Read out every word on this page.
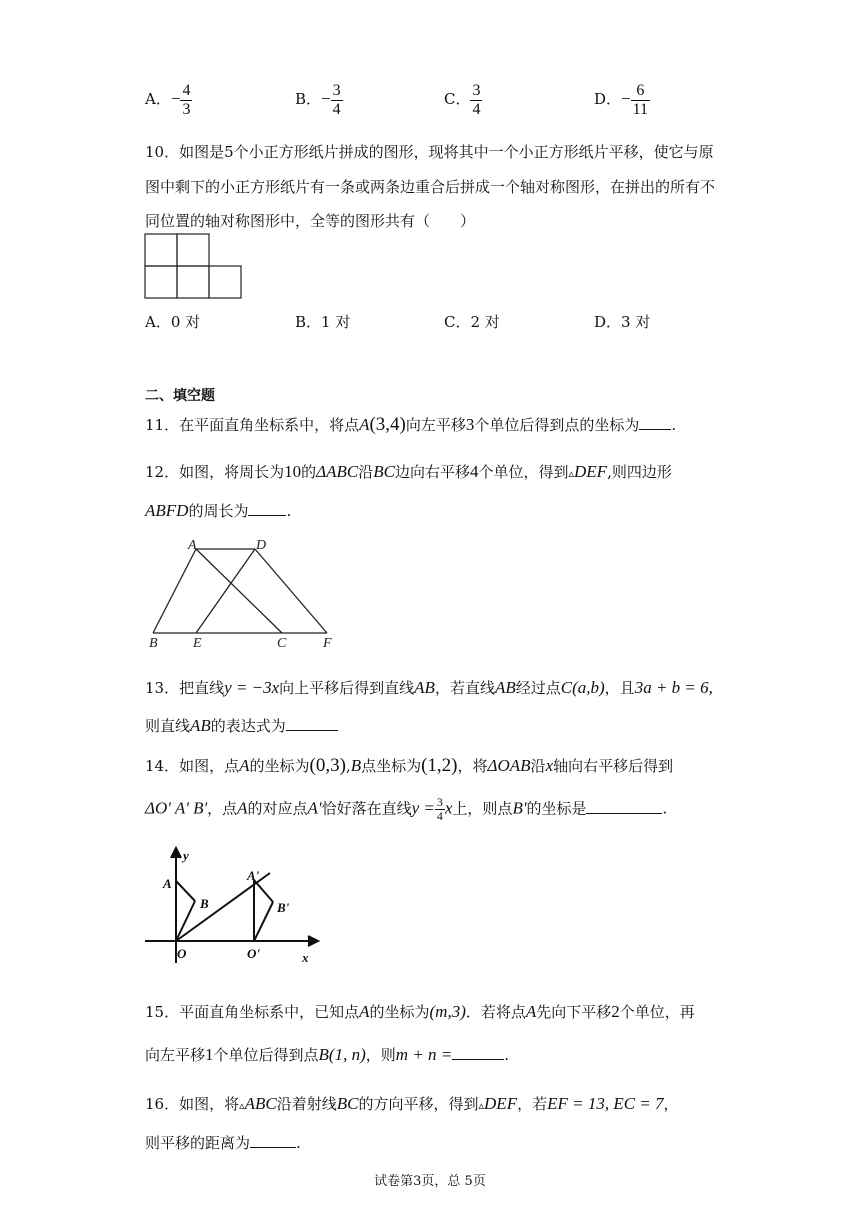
A．− $\frac{4}{3}$	B．− $\frac{3}{4}$	C． $\frac{3}{4}$	D．− $\frac{6}{11}$
10．如图是5个小正方形纸片拼成的图形，现将其中一个小正方形纸片平移，使它与原
图中剩下的小正方形纸片有一条或两条边重合后拼成一个轴对称图形，在拼出的所有不
同位置的轴对称图形中，全等的图形共有（　　）
A．0 对	B．1 对	C．2 对	D．3 对
二、填空题
11．在平面直角坐标系中，将点A(3,4)向左平移3个单位后得到点的坐标为 .
12．如图，将周长为10的ΔABC沿BC边向右平移4个单位，得到▵DEF,则四边形
ABFD的周长为	.
A	D
B	E	C	F
13．把直线y = −3x向上平移后得到直线AB，若直线AB经过点C(a,b)，且3a + b = 6,
则直线AB的表达式为
14．如图，点A的坐标为(0,3),B点坐标为(1,2)，将ΔOAB沿x轴向右平移后得到
ΔO' A' B'，点A的对应点A'恰好落在直线$y = \frac{3}{4}$ x上，则点B'的坐标是	.
y
x
A
B
O
A'
B'
O'
15．平面直角坐标系中，已知点A的坐标为(m,3)．若将点A先向下平移2个单位，再
向左平移1个单位后得到点B(1, n)，则m + n =	.
16．如图，将▵ABC沿着射线BC的方向平移，得到▵DEF，若EF = 13, EC = 7，
则平移的距离为	.
试卷第3页，总 5页
